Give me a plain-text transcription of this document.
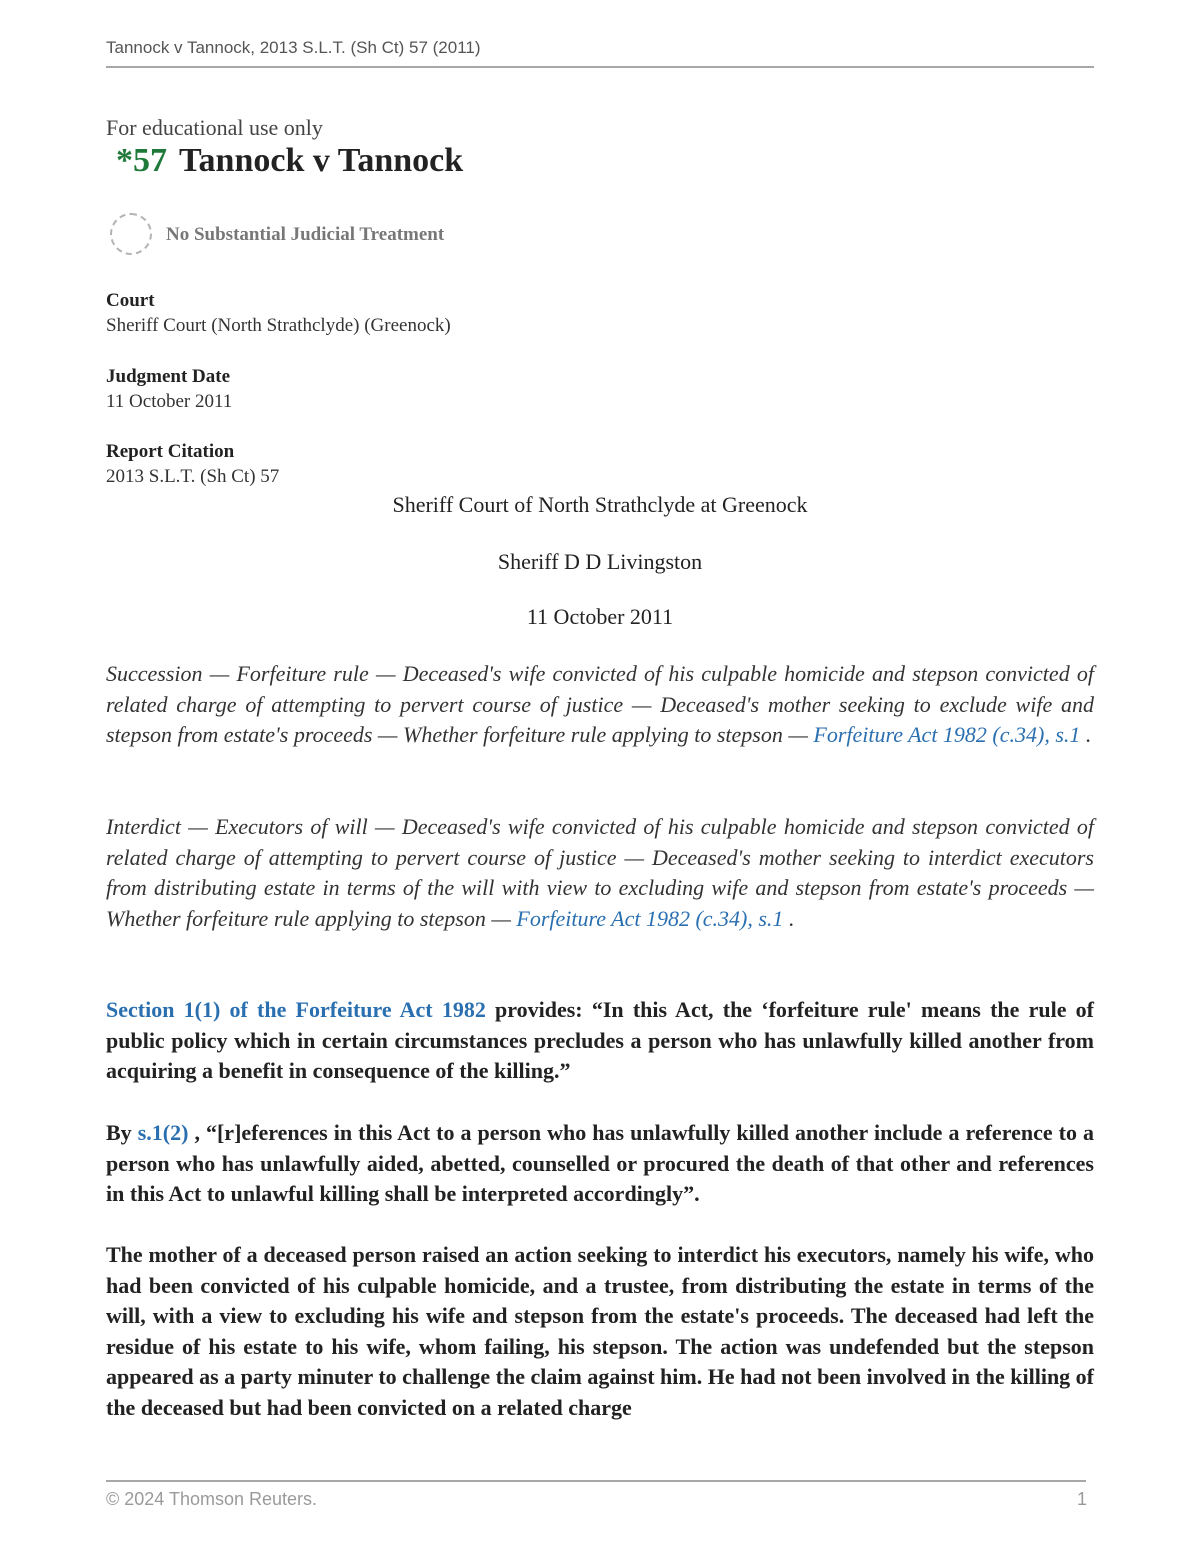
Tannock v Tannock, 2013 S.L.T. (Sh Ct) 57 (2011)
For educational use only
*57 Tannock v Tannock
No Substantial Judicial Treatment
Court
Sheriff Court (North Strathclyde) (Greenock)
Judgment Date
11 October 2011
Report Citation
2013 S.L.T. (Sh Ct) 57
Sheriff Court of North Strathclyde at Greenock
Sheriff D D Livingston
11 October 2011

Succession — Forfeiture rule — Deceased's wife convicted of his culpable homicide and stepson convicted of related charge of attempting to pervert course of justice — Deceased's mother seeking to exclude wife and stepson from estate's proceeds — Whether forfeiture rule applying to stepson — Forfeiture Act 1982 (c.34), s.1 .

Interdict — Executors of will — Deceased's wife convicted of his culpable homicide and stepson convicted of related charge of attempting to pervert course of justice — Deceased's mother seeking to interdict executors from distributing estate in terms of the will with view to excluding wife and stepson from estate's proceeds — Whether forfeiture rule applying to stepson — Forfeiture Act 1982 (c.34), s.1 .

Section 1(1) of the Forfeiture Act 1982 provides: “In this Act, the ‘forfeiture rule' means the rule of public policy which in certain circumstances precludes a person who has unlawfully killed another from acquiring a benefit in consequence of the killing.”

By s.1(2) , “[r]eferences in this Act to a person who has unlawfully killed another include a reference to a person who has unlawfully aided, abetted, counselled or procured the death of that other and references in this Act to unlawful killing shall be interpreted accordingly”.

The mother of a deceased person raised an action seeking to interdict his executors, namely his wife, who had been convicted of his culpable homicide, and a trustee, from distributing the estate in terms of the will, with a view to excluding his wife and stepson from the estate's proceeds. The deceased had left the residue of his estate to his wife, whom failing, his stepson. The action was undefended but the stepson appeared as a party minuter to challenge the claim against him. He had not been involved in the killing of the deceased but had been convicted on a related charge

© 2024 Thomson Reuters.	1
